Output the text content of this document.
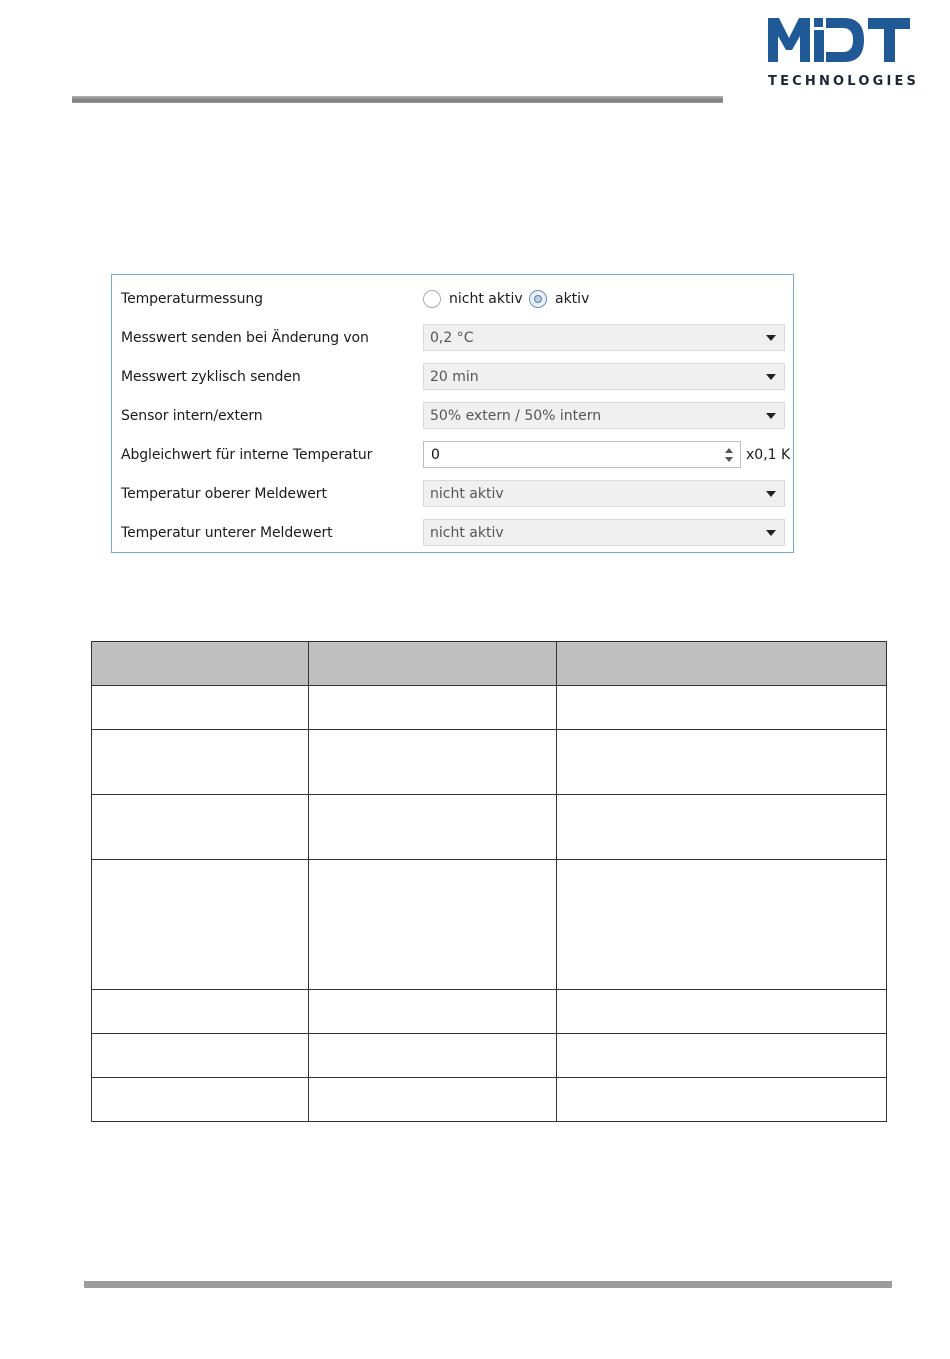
TECHNOLOGIES
Temperaturmessung	nicht aktiv aktiv
Messwert senden bei Änderung von	0,2 °C
Messwert zyklisch senden	20 min
Sensor intern/extern	50% extern / 50% intern
Abgleichwert für interne Temperatur	0	x0,1 K
Temperatur oberer Meldewert	nicht aktiv
Temperatur unterer Meldewert	nicht aktiv
